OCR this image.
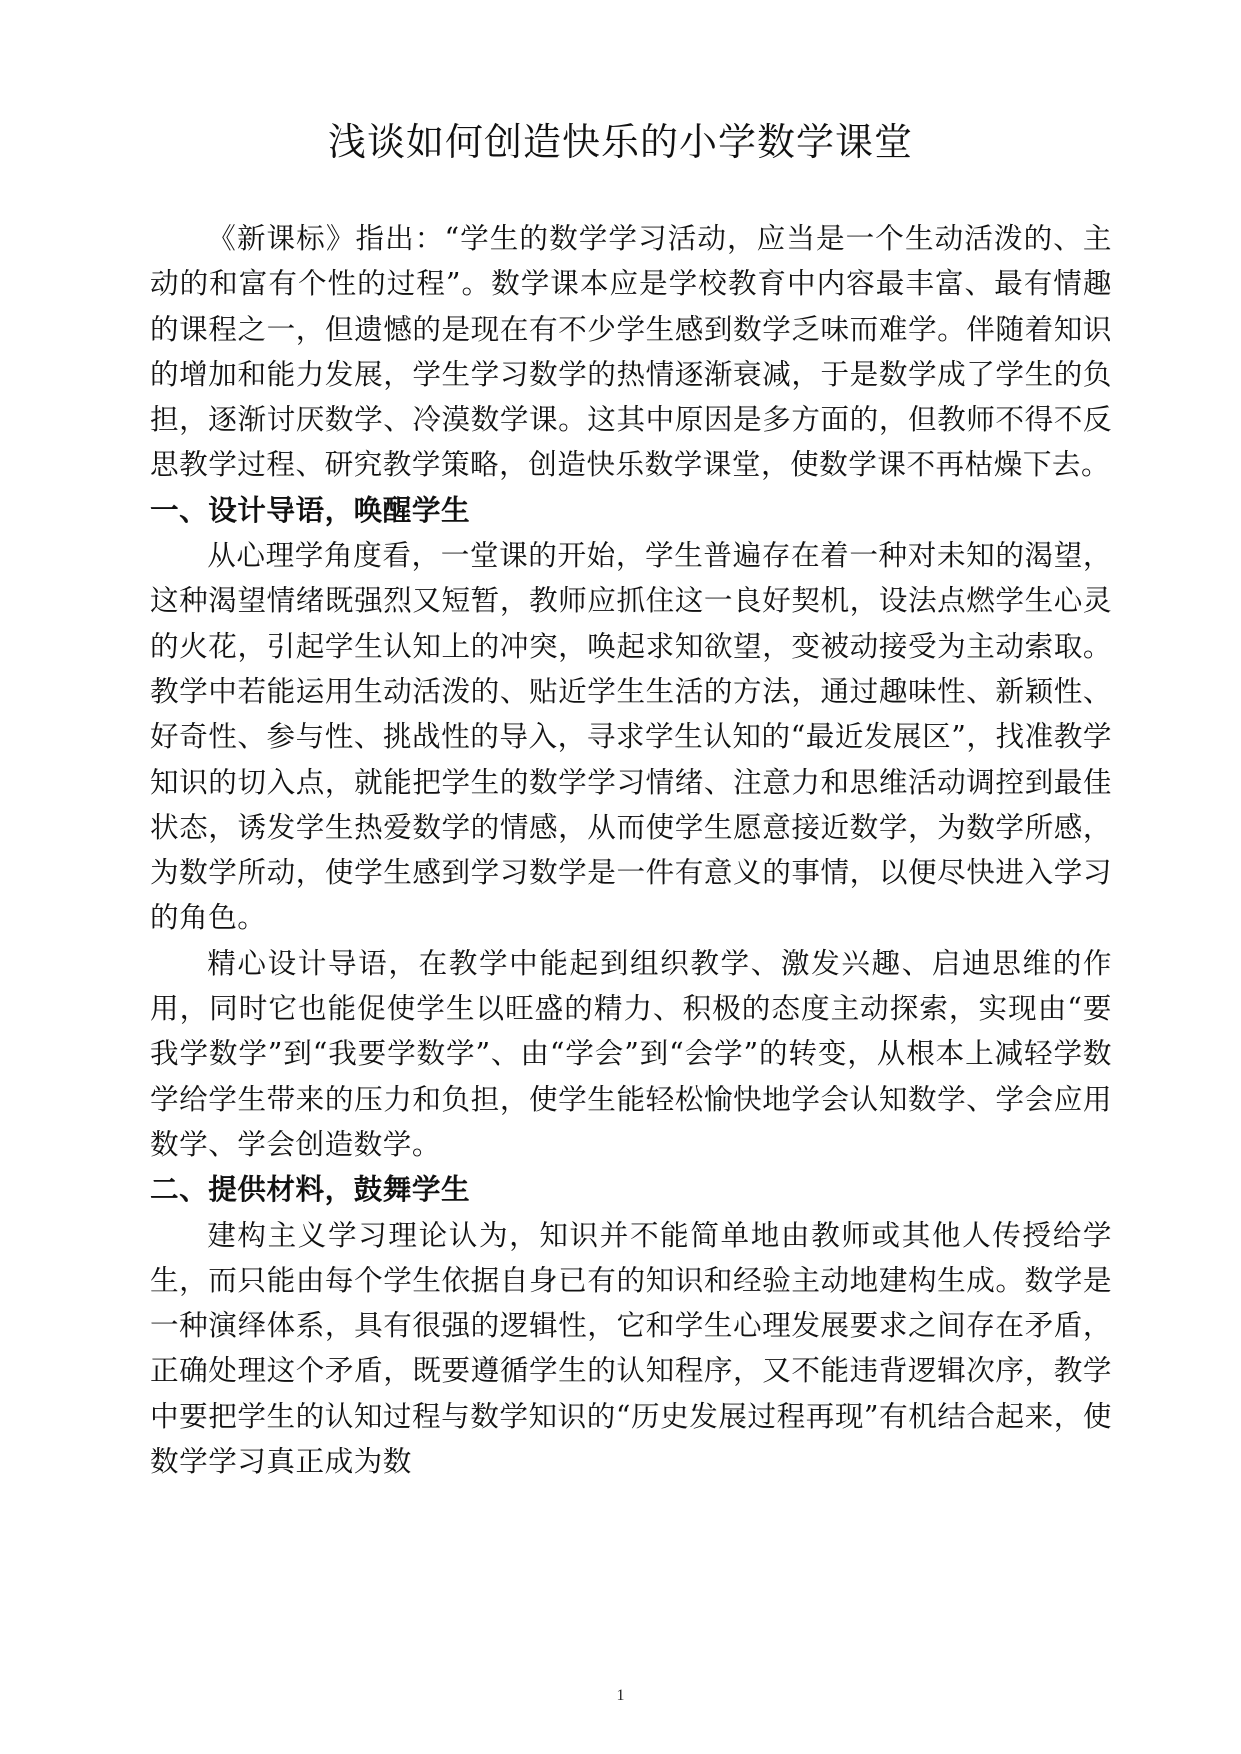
浅谈如何创造快乐的小学数学课堂

《新课标》指出：“学生的数学学习活动，应当是一个生动活泼的、主动的和富有个性的过程”。数学课本应是学校教育中内容最丰富、最有情趣的课程之一，但遗憾的是现在有不少学生感到数学乏味而难学。伴随着知识的增加和能力发展，学生学习数学的热情逐渐衰减，于是数学成了学生的负担，逐渐讨厌数学、冷漠数学课。这其中原因是多方面的，但教师不得不反思教学过程、研究教学策略，创造快乐数学课堂，使数学课不再枯燥下去。

一、设计导语，唤醒学生

从心理学角度看，一堂课的开始，学生普遍存在着一种对未知的渴望，这种渴望情绪既强烈又短暂，教师应抓住这一良好契机，设法点燃学生心灵的火花，引起学生认知上的冲突，唤起求知欲望，变被动接受为主动索取。教学中若能运用生动活泼的、贴近学生生活的方法，通过趣味性、新颖性、好奇性、参与性、挑战性的导入，寻求学生认知的“最近发展区”，找准教学知识的切入点，就能把学生的数学学习情绪、注意力和思维活动调控到最佳状态，诱发学生热爱数学的情感，从而使学生愿意接近数学，为数学所感，为数学所动，使学生感到学习数学是一件有意义的事情，以便尽快进入学习的角色。

精心设计导语，在教学中能起到组织教学、激发兴趣、启迪思维的作用，同时它也能促使学生以旺盛的精力、积极的态度主动探索，实现由“要我学数学”到“我要学数学”、由“学会”到“会学”的转变，从根本上减轻学数学给学生带来的压力和负担，使学生能轻松愉快地学会认知数学、学会应用数学、学会创造数学。

二、提供材料，鼓舞学生

建构主义学习理论认为，知识并不能简单地由教师或其他人传授给学生，而只能由每个学生依据自身已有的知识和经验主动地建构生成。数学是一种演绎体系，具有很强的逻辑性，它和学生心理发展要求之间存在矛盾，正确处理这个矛盾，既要遵循学生的认知程序，又不能违背逻辑次序，教学中要把学生的认知过程与数学知识的“历史发展过程再现”有机结合起来，使数学学习真正成为数

1
